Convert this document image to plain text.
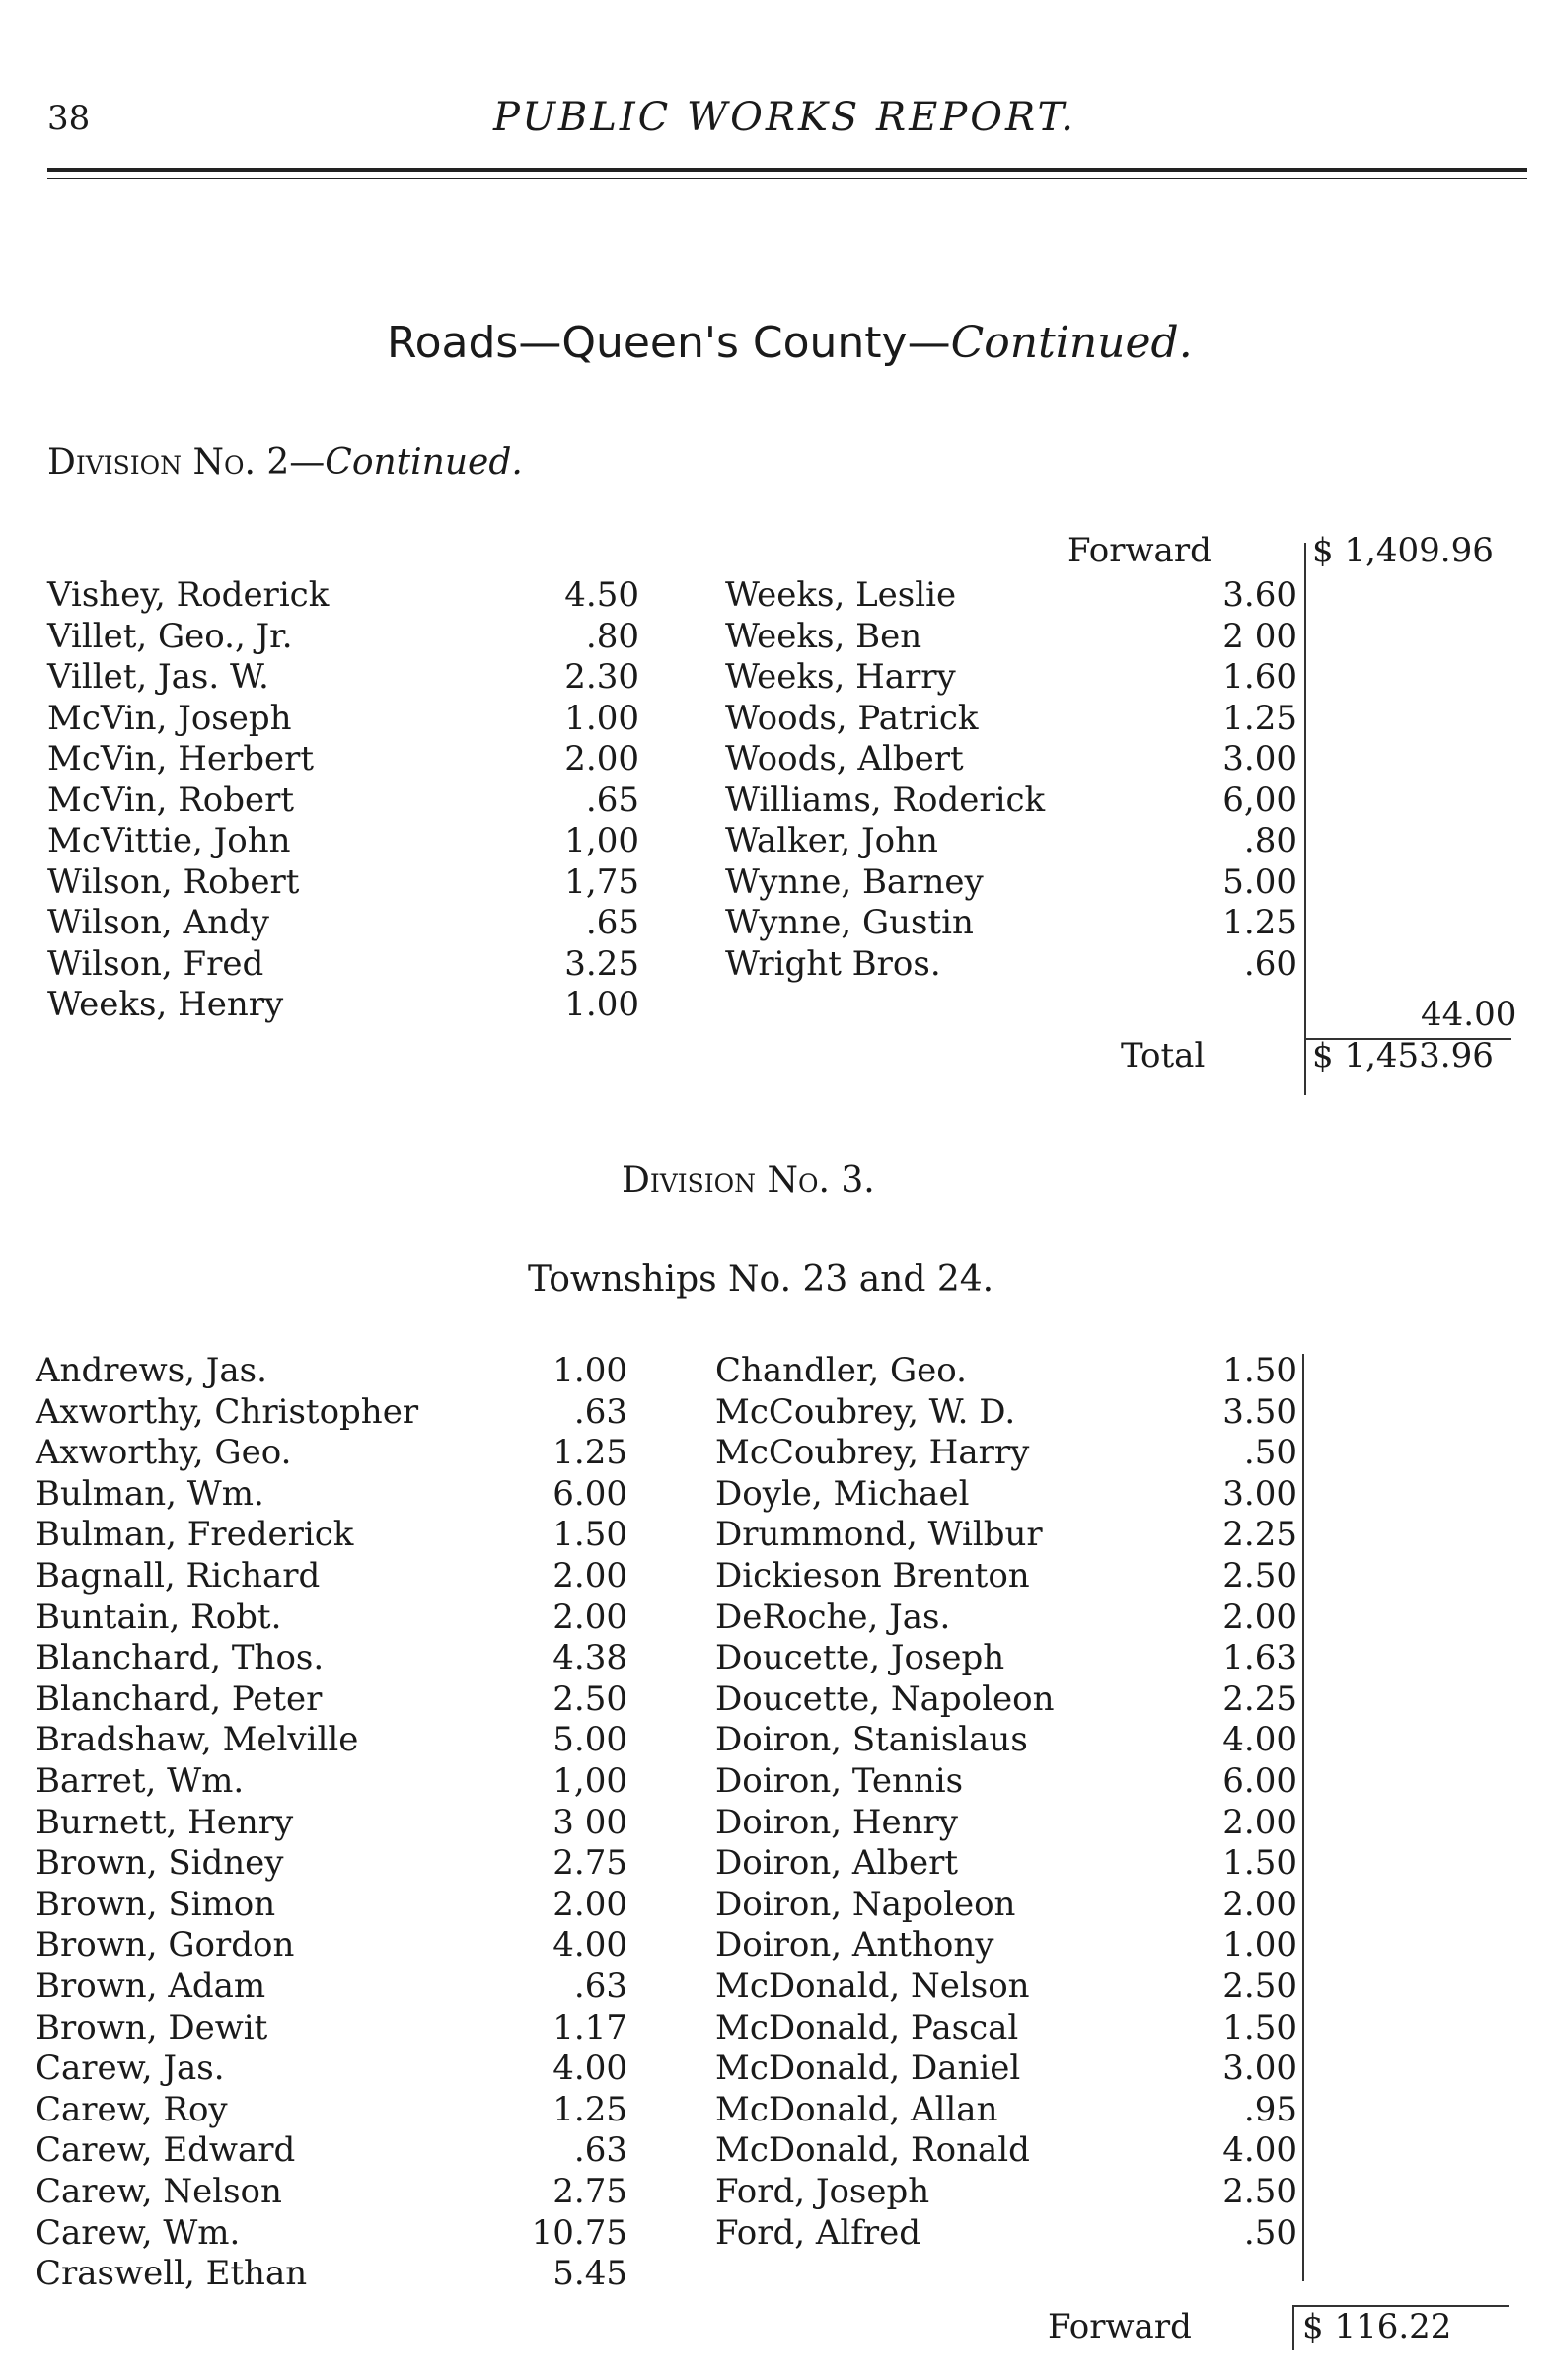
38	PUBLIC WORKS REPORT.
Roads—Queen's County—Continued.
Division No. 2—Continued.
Forward	$ 1,409.96
Vishey, Roderick	4.50
Villet, Geo., Jr.	.80
Villet, Jas. W.	2.30
McVin, Joseph	1.00
McVin, Herbert	2.00
McVin, Robert	.65
McVittie, John	1,00
Wilson, Robert	1,75
Wilson, Andy	.65
Wilson, Fred	3.25
Weeks, Henry	1.00
Weeks, Leslie	3.60
Weeks, Ben	2 00
Weeks, Harry	1.60
Woods, Patrick	1.25
Woods, Albert	3.00
Williams, Roderick	6,00
Walker, John	.80
Wynne, Barney	5.00
Wynne, Gustin	1.25
Wright Bros.	.60
44.00
Total	$ 1,453.96
Division No. 3.
Townships No. 23 and 24.
Andrews, Jas.	1.00
Axworthy, Christopher	.63
Axworthy, Geo.	1.25
Bulman, Wm.	6.00
Bulman, Frederick	1.50
Bagnall, Richard	2.00
Buntain, Robt.	2.00
Blanchard, Thos.	4.38
Blanchard, Peter	2.50
Bradshaw, Melville	5.00
Barret, Wm.	1,00
Burnett, Henry	3 00
Brown, Sidney	2.75
Brown, Simon	2.00
Brown, Gordon	4.00
Brown, Adam	.63
Brown, Dewit	1.17
Carew, Jas.	4.00
Carew, Roy	1.25
Carew, Edward	.63
Carew, Nelson	2.75
Carew, Wm.	10.75
Craswell, Ethan	5.45
Chandler, Geo.	1.50
McCoubrey, W. D.	3.50
McCoubrey, Harry	.50
Doyle, Michael	3.00
Drummond, Wilbur	2.25
Dickieson Brenton	2.50
DeRoche, Jas.	2.00
Doucette, Joseph	1.63
Doucette, Napoleon	2.25
Doiron, Stanislaus	4.00
Doiron, Tennis	6.00
Doiron, Henry	2.00
Doiron, Albert	1.50
Doiron, Napoleon	2.00
Doiron, Anthony	1.00
McDonald, Nelson	2.50
McDonald, Pascal	1.50
McDonald, Daniel	3.00
McDonald, Allan	.95
McDonald, Ronald	4.00
Ford, Joseph	2.50
Ford, Alfred	.50
Forward	$ 116.22
